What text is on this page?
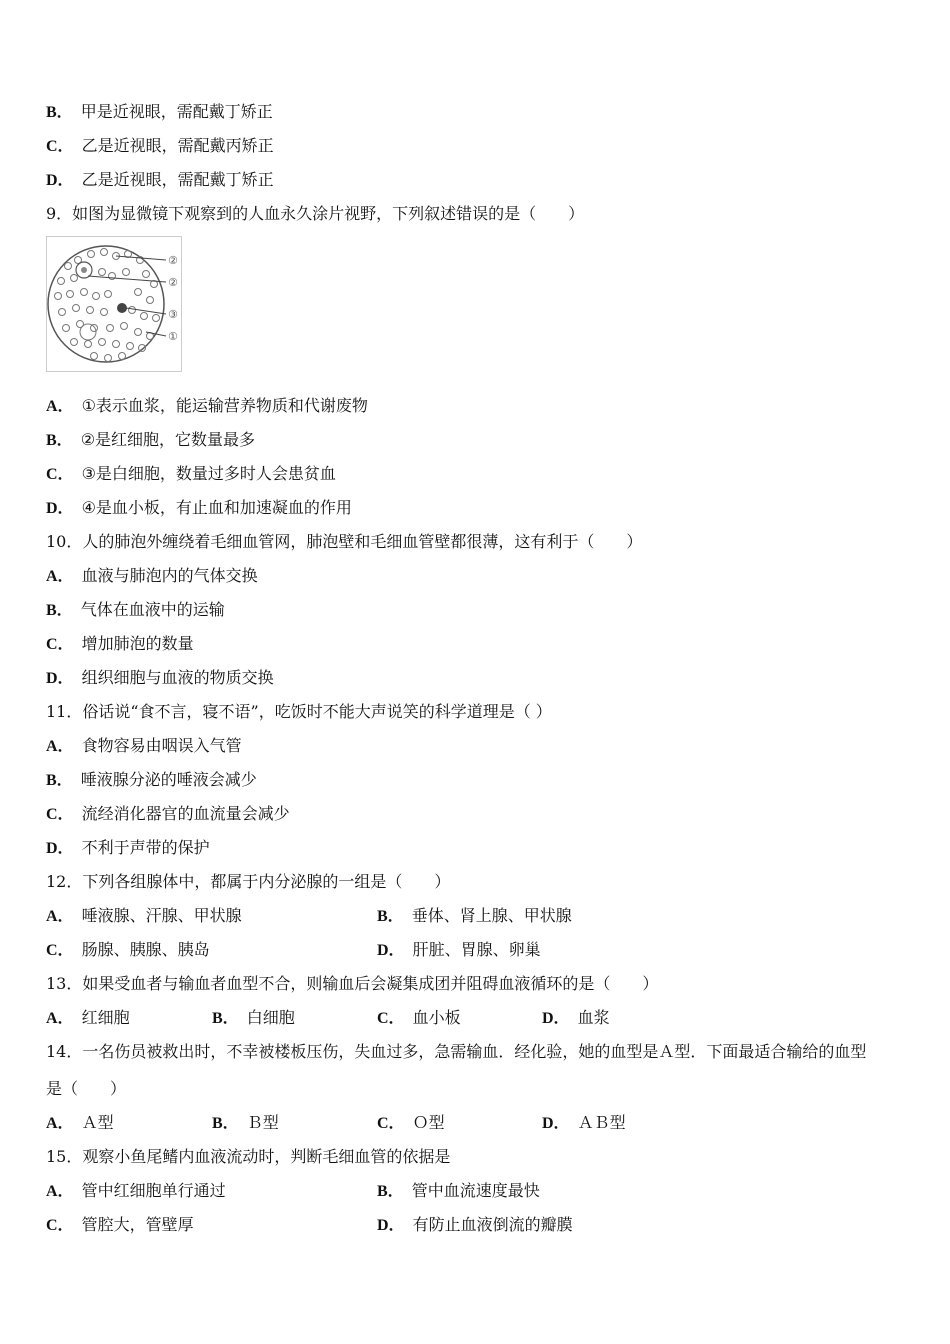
B． 甲是近视眼，需配戴丁矫正
C． 乙是近视眼，需配戴丙矫正
D． 乙是近视眼，需配戴丁矫正
9．如图为显微镜下观察到的人血永久涂片视野，下列叙述错误的是（　　）
②
②
③
①
A． ①表示血浆，能运输营养物质和代谢废物
B． ②是红细胞，它数量最多
C． ③是白细胞，数量过多时人会患贫血
D． ④是血小板，有止血和加速凝血的作用
10．人的肺泡外缠绕着毛细血管网，肺泡壁和毛细血管壁都很薄，这有利于（　　）
A． 血液与肺泡内的气体交换
B． 气体在血液中的运输
C． 增加肺泡的数量
D． 组织细胞与血液的物质交换
11．俗话说“食不言，寝不语”，吃饭时不能大声说笑的科学道理是（ ）
A． 食物容易由咽误入气管
B． 唾液腺分泌的唾液会减少
C． 流经消化器官的血流量会减少
D． 不利于声带的保护
12．下列各组腺体中，都属于内分泌腺的一组是（　　）
A． 唾液腺、汗腺、甲状腺	B． 垂体、肾上腺、甲状腺
C． 肠腺、胰腺、胰岛	D． 肝脏、胃腺、卵巢
13．如果受血者与输血者血型不合，则输血后会凝集成团并阻碍血液循环的是（　　）
A． 红细胞	B． 白细胞	C． 血小板	D． 血浆
14．一名伤员被救出时，不幸被楼板压伤，失血过多，急需输血．经化验，她的血型是Ａ型．下面最适合输给的血型
是（　　）
A． Ａ型	B． Ｂ型	C． Ｏ型	D． ＡＢ型
15．观察小鱼尾鳍内血液流动时，判断毛细血管的依据是
A． 管中红细胞单行通过	B． 管中血流速度最快
C． 管腔大，管壁厚	D． 有防止血液倒流的瓣膜
